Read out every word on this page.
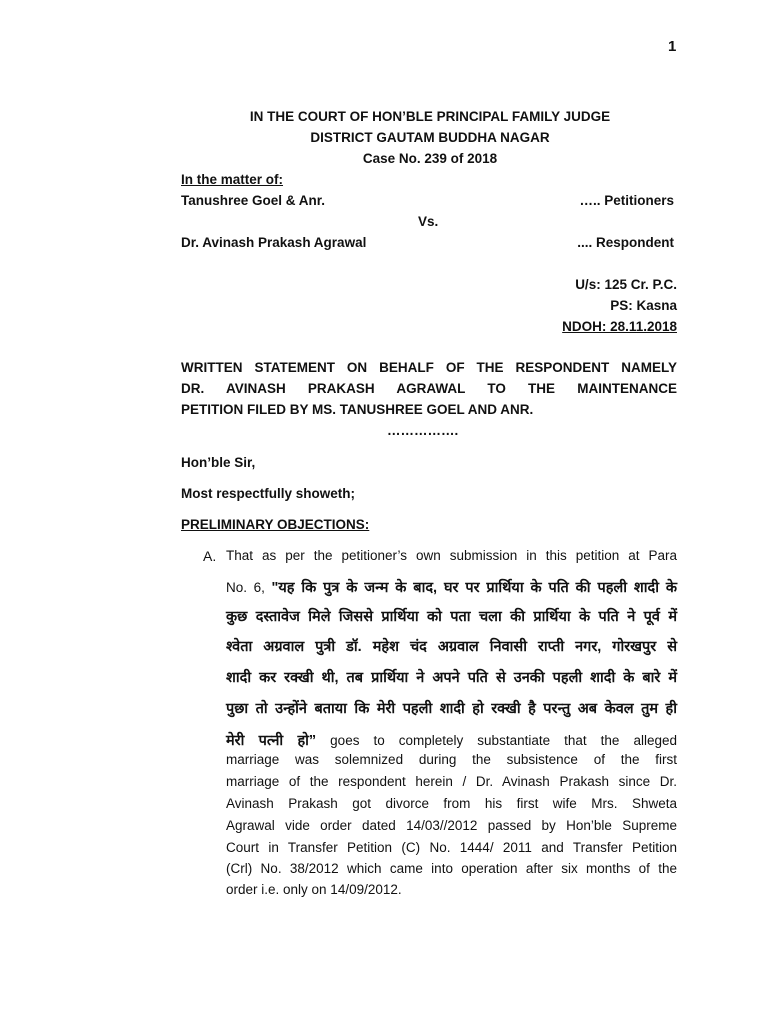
1
IN THE COURT OF HON’BLE PRINCIPAL FAMILY JUDGE
DISTRICT GAUTAM BUDDHA NAGAR
Case No. 239 of 2018
In the matter of:
Tanushree Goel & Anr.	….. Petitioners
Vs.
Dr. Avinash Prakash Agrawal	.... Respondent
U/s: 125 Cr. P.C.
PS: Kasna
NDOH: 28.11.2018
WRITTEN STATEMENT ON BEHALF OF THE RESPONDENT NAMELY
DR. AVINASH PRAKASH AGRAWAL TO THE MAINTENANCE
PETITION FILED BY MS. TANUSHREE GOEL AND ANR.
…………….
Hon’ble Sir,
Most respectfully showeth;
PRELIMINARY OBJECTIONS:
A. That as per the petitioner’s own submission in this petition at Para
No. 6, "यह कि पुत्र के जन्म के बाद, घर पर प्रार्थिया के पति की पहली शादी के
कुछ दस्तावेज मिले जिससे प्रार्थिया को पता चला की प्रार्थिया के पति ने पूर्व में
श्वेता अग्रवाल पुत्री डॉ. महेश चंद अग्रवाल निवासी राप्ती नगर, गोरखपुर से
शादी कर रक्खी थी, तब प्रार्थिया ने अपने पति से उनकी पहली शादी के बारे में
पुछा तो उन्होंने बताया कि मेरी पहली शादी हो रक्खी है परन्तु अब केवल तुम ही
मेरी पत्नी हो” goes to completely substantiate that the alleged
marriage was solemnized during the subsistence of the first
marriage of the respondent herein / Dr. Avinash Prakash since Dr.
Avinash Prakash got divorce from his first wife Mrs. Shweta
Agrawal vide order dated 14/03//2012 passed by Hon’ble Supreme
Court in Transfer Petition (C) No. 1444/ 2011 and Transfer Petition
(Crl) No. 38/2012 which came into operation after six months of the
order i.e. only on 14/09/2012.
